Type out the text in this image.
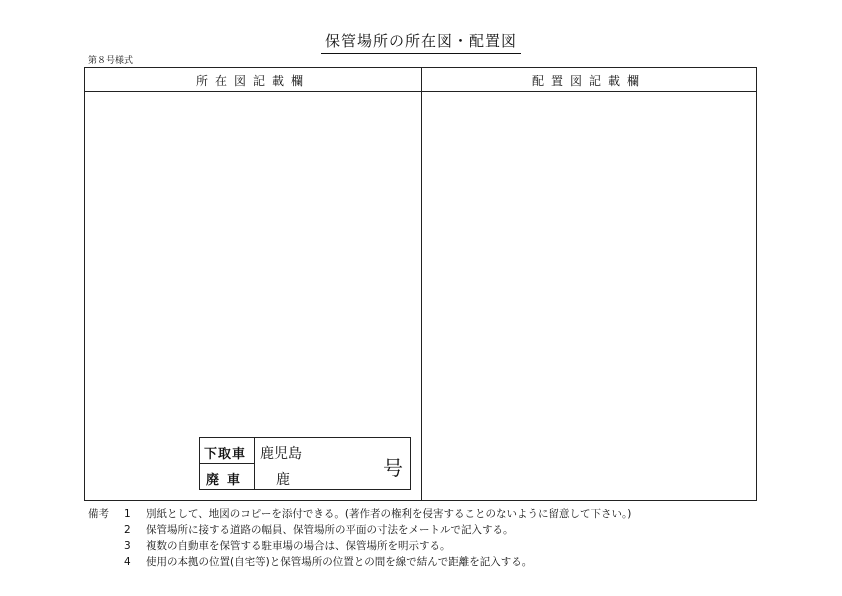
保管場所の所在図・配置図
第８号様式
所在図記載欄	配置図記載欄
下取車
廃車
鹿児島
鹿	号
備考 1 別紙として、地図のコピーを添付できる。(著作者の権利を侵害することのないように留意して下さい。)
2 保管場所に接する道路の幅員、保管場所の平面の寸法をメートルで記入する。
3 複数の自動車を保管する駐車場の場合は、保管場所を明示する。
4 使用の本拠の位置(自宅等)と保管場所の位置との間を線で結んで距離を記入する。
